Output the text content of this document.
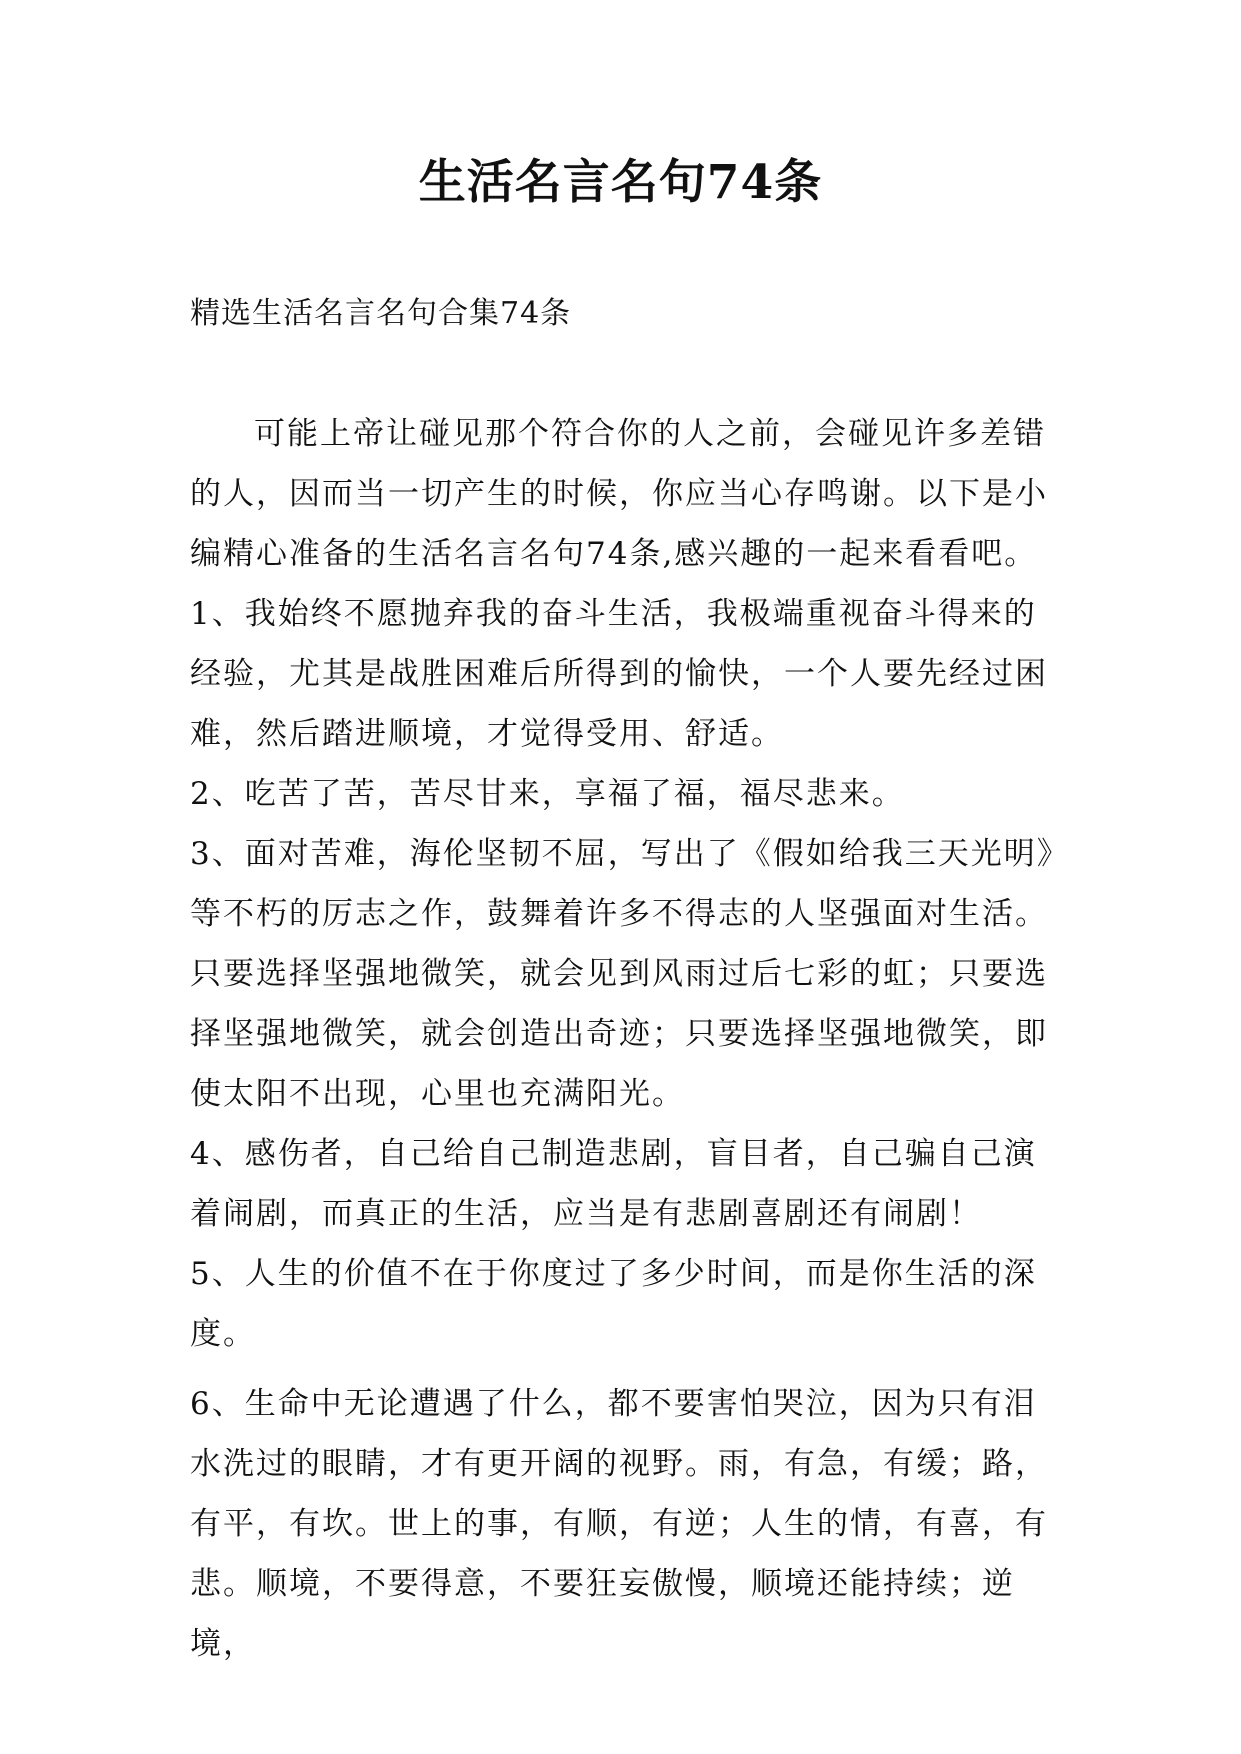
生活名言名句74条

精选生活名言名句合集74条

可能上帝让碰见那个符合你的人之前，会碰见许多差错的人，因而当一切产生的时候，你应当心存鸣谢。以下是小编精心准备的生活名言名句74条,感兴趣的一起来看看吧。

1、我始终不愿抛弃我的奋斗生活，我极端重视奋斗得来的经验，尤其是战胜困难后所得到的愉快，一个人要先经过困难，然后踏进顺境，才觉得受用、舒适。

2、吃苦了苦，苦尽甘来，享福了福，福尽悲来。

3、面对苦难，海伦坚韧不屈，写出了《假如给我三天光明》等不朽的厉志之作，鼓舞着许多不得志的人坚强面对生活。只要选择坚强地微笑，就会见到风雨过后七彩的虹；只要选择坚强地微笑，就会创造出奇迹；只要选择坚强地微笑，即使太阳不出现，心里也充满阳光。

4、感伤者，自己给自己制造悲剧，盲目者，自己骗自己演着闹剧，而真正的生活，应当是有悲剧喜剧还有闹剧！

5、人生的价值不在于你度过了多少时间，而是你生活的深度。

6、生命中无论遭遇了什么，都不要害怕哭泣，因为只有泪水洗过的眼睛，才有更开阔的视野。雨，有急，有缓；路，有平，有坎。世上的事，有顺，有逆；人生的情，有喜，有悲。顺境，不要得意，不要狂妄傲慢，顺境还能持续；逆境，
